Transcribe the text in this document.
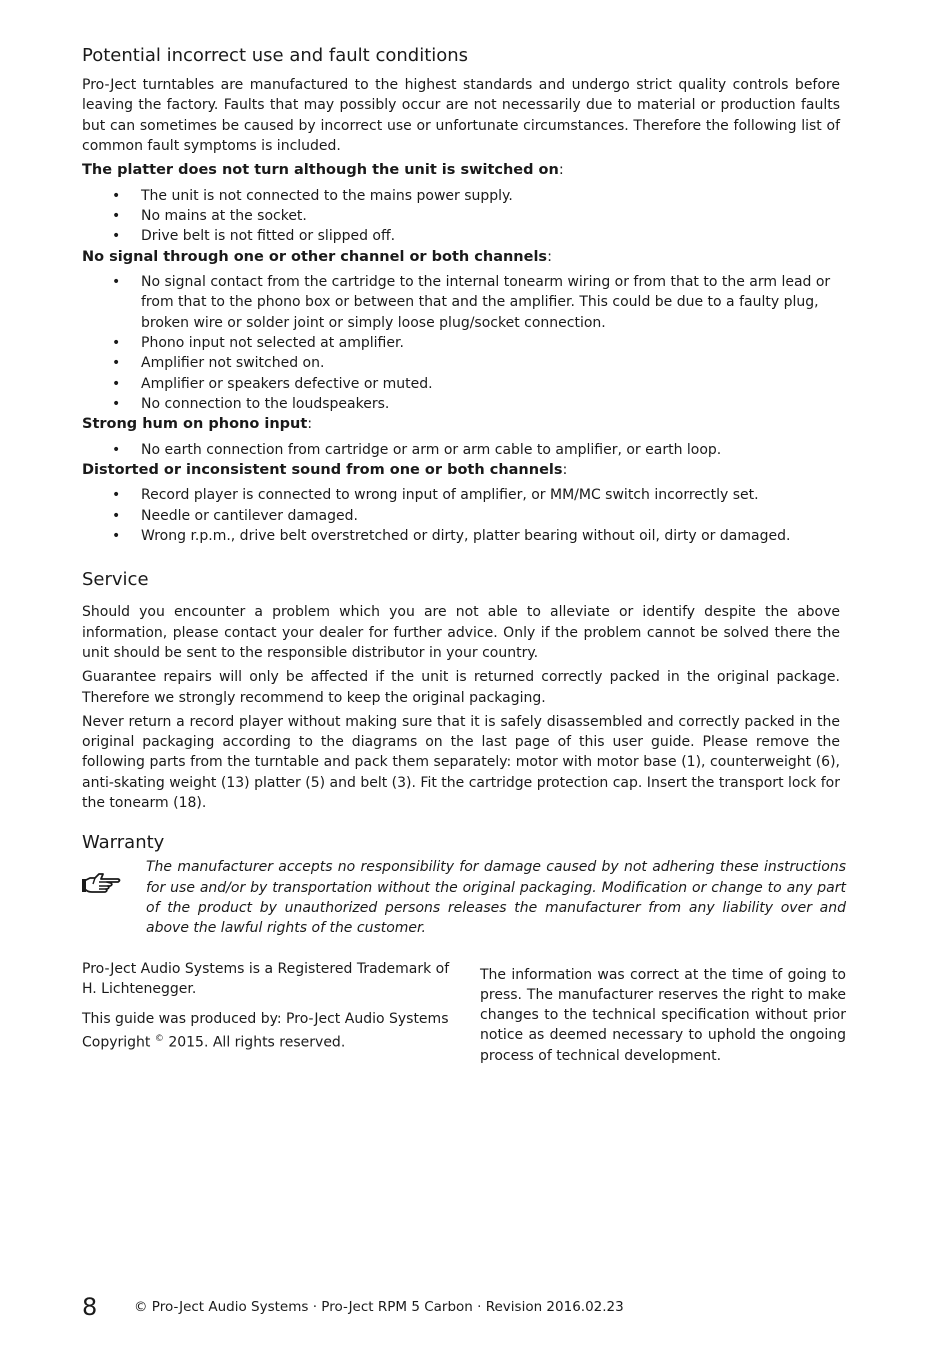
Potential incorrect use and fault conditions

Pro-Ject turntables are manufactured to the highest standards and undergo strict quality controls before leaving the factory. Faults that may possibly occur are not necessarily due to material or production faults but can sometimes be caused by incorrect use or unfortunate circumstances. Therefore the following list of common fault symptoms is included.

The platter does not turn although the unit is switched on:
• The unit is not connected to the mains power supply.
• No mains at the socket.
• Drive belt is not fitted or slipped off.
No signal through one or other channel or both channels:
• No signal contact from the cartridge to the internal tonearm wiring or from that to the arm lead or from that to the phono box or between that and the amplifier. This could be due to a faulty plug, broken wire or solder joint or simply loose plug/socket connection.
• Phono input not selected at amplifier.
• Amplifier not switched on.
• Amplifier or speakers defective or muted.
• No connection to the loudspeakers.
Strong hum on phono input:
• No earth connection from cartridge or arm or arm cable to amplifier, or earth loop.
Distorted or inconsistent sound from one or both channels:
• Record player is connected to wrong input of amplifier, or MM/MC switch incorrectly set.
• Needle or cantilever damaged.
• Wrong r.p.m., drive belt overstretched or dirty, platter bearing without oil, dirty or damaged.
Service

Should you encounter a problem which you are not able to alleviate or identify despite the above information, please contact your dealer for further advice. Only if the problem cannot be solved there the unit should be sent to the responsible distributor in your country.

Guarantee repairs will only be affected if the unit is returned correctly packed in the original package. Therefore we strongly recommend to keep the original packaging.

Never return a record player without making sure that it is safely disassembled and correctly packed in the original packaging according to the diagrams on the last page of this user guide. Please remove the following parts from the turntable and pack them separately: motor with motor base (1), counterweight (6), anti-skating weight (13) platter (5) and belt (3). Fit the cartridge protection cap. Insert the transport lock for the tonearm (18).

Warranty

The manufacturer accepts no responsibility for damage caused by not adhering these instructions for use and/or by transportation without the original packaging. Modification or change to any part of the product by unauthorized persons releases the manufacturer from any liability over and above the lawful rights of the customer.

Pro-Ject Audio Systems is a Registered Trademark of H. Lichtenegger.

This guide was produced by: Pro-Ject Audio Systems
Copyright © 2015. All rights reserved.

The information was correct at the time of going to press. The manufacturer reserves the right to make changes to the technical specification without prior notice as deemed necessary to uphold the ongoing process of technical development.

8	© Pro-Ject Audio Systems · Pro-Ject RPM 5 Carbon · Revision 2016.02.23
